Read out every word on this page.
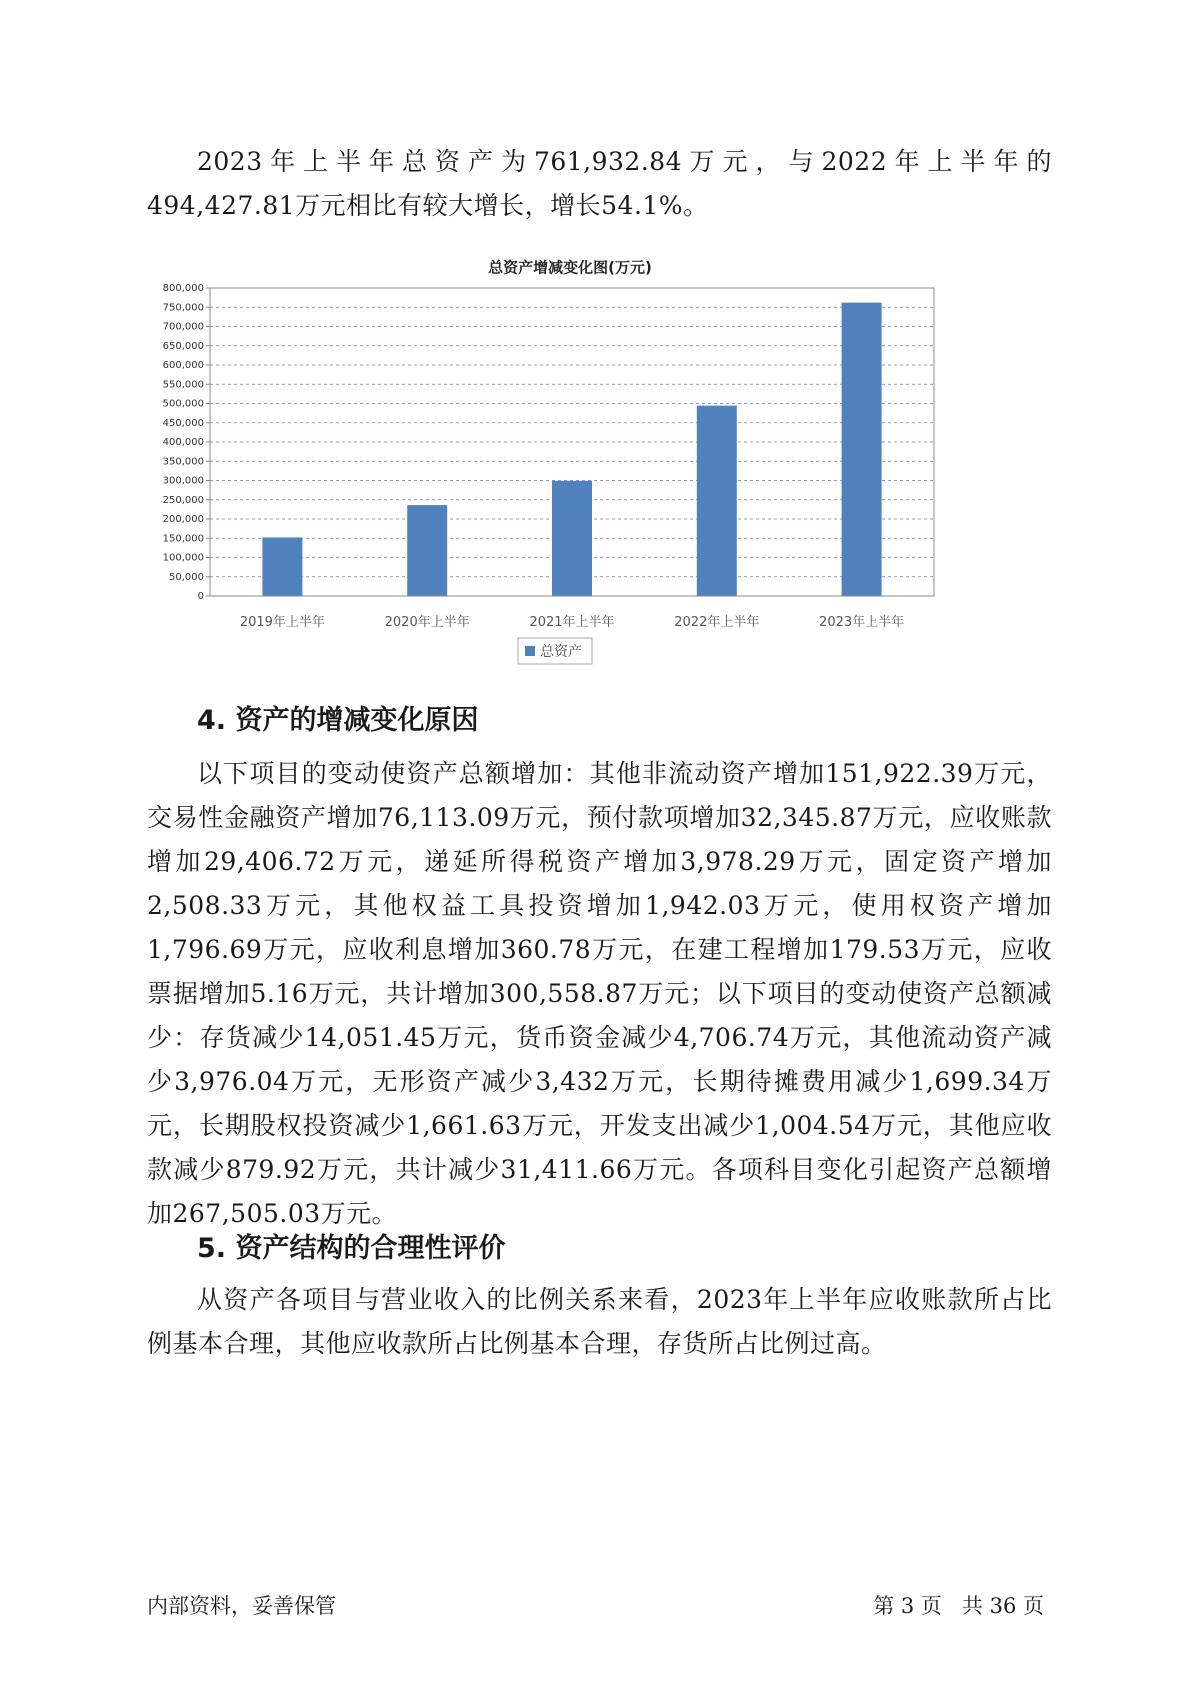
2023年上半年总资产为761,932.84万元，与2022年上半年的494,427.81万元相比有较大增长，增长54.1%。

总资产增减变化图(万元)
0
50,000
100,000
150,000
200,000
250,000
300,000
350,000
400,000
450,000
500,000
550,000
600,000
650,000
700,000
750,000
800,000
2019年上半年	2020年上半年	2021年上半年	2022年上半年	2023年上半年
总资产
4. 资产的增减变化原因

以下项目的变动使资产总额增加：其他非流动资产增加151,922.39万元，交易性金融资产增加76,113.09万元，预付款项增加32,345.87万元，应收账款增加29,406.72万元，递延所得税资产增加3,978.29万元，固定资产增加2,508.33万元，其他权益工具投资增加1,942.03万元，使用权资产增加1,796.69万元，应收利息增加360.78万元，在建工程增加179.53万元，应收票据增加5.16万元，共计增加300,558.87万元；以下项目的变动使资产总额减少：存货减少14,051.45万元，货币资金减少4,706.74万元，其他流动资产减少3,976.04万元，无形资产减少3,432万元，长期待摊费用减少1,699.34万元，长期股权投资减少1,661.63万元，开发支出减少1,004.54万元，其他应收款减少879.92万元，共计减少31,411.66万元。各项科目变化引起资产总额增加267,505.03万元。

5. 资产结构的合理性评价

从资产各项目与营业收入的比例关系来看，2023年上半年应收账款所占比例基本合理，其他应收款所占比例基本合理，存货所占比例过高。

内部资料，妥善保管	第 3 页   共 36 页
